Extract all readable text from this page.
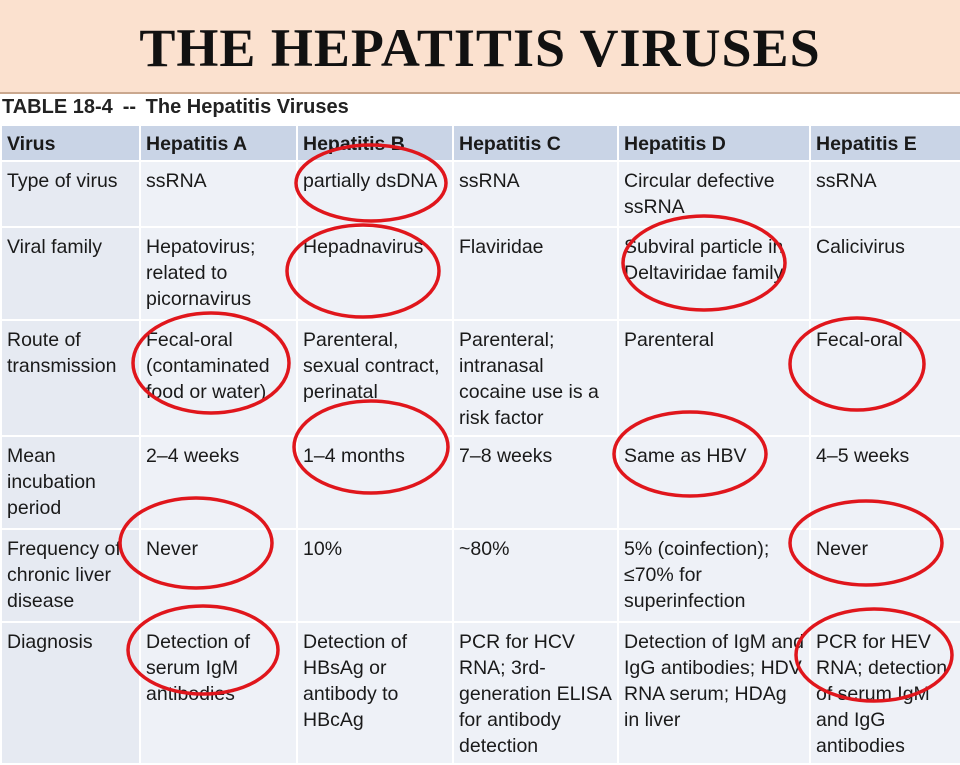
THE HEPATITIS VIRUSES
TABLE 18-4 -- The Hepatitis Viruses
Virus	Hepatitis A	Hepatitis B	Hepatitis C	Hepatitis D	Hepatitis E
Type of virus	ssRNA	partially dsDNA	ssRNA	Circular defective ssRNA	ssRNA
Viral family	Hepatovirus; related to picornavirus	Hepadnavirus	Flaviridae	Subviral particle in Deltaviridae family	Calicivirus
Route of transmission	Fecal-oral (contaminated food or water)	Parenteral, sexual contract, perinatal	Parenteral; intranasal cocaine use is a risk factor	Parenteral	Fecal-oral
Mean incubation period	2–4 weeks	1–4 months	7–8 weeks	Same as HBV	4–5 weeks
Frequency of chronic liver disease	Never	10%	~80%	5% (coinfection); ≤70% for superinfection	Never
Diagnosis	Detection of serum IgM antibodies	Detection of HBsAg or antibody to HBcAg	PCR for HCV RNA; 3rd-generation ELISA for antibody detection	Detection of IgM and IgG antibodies; HDV RNA serum; HDAg in liver	PCR for HEV RNA; detection of serum IgM and IgG antibodies
